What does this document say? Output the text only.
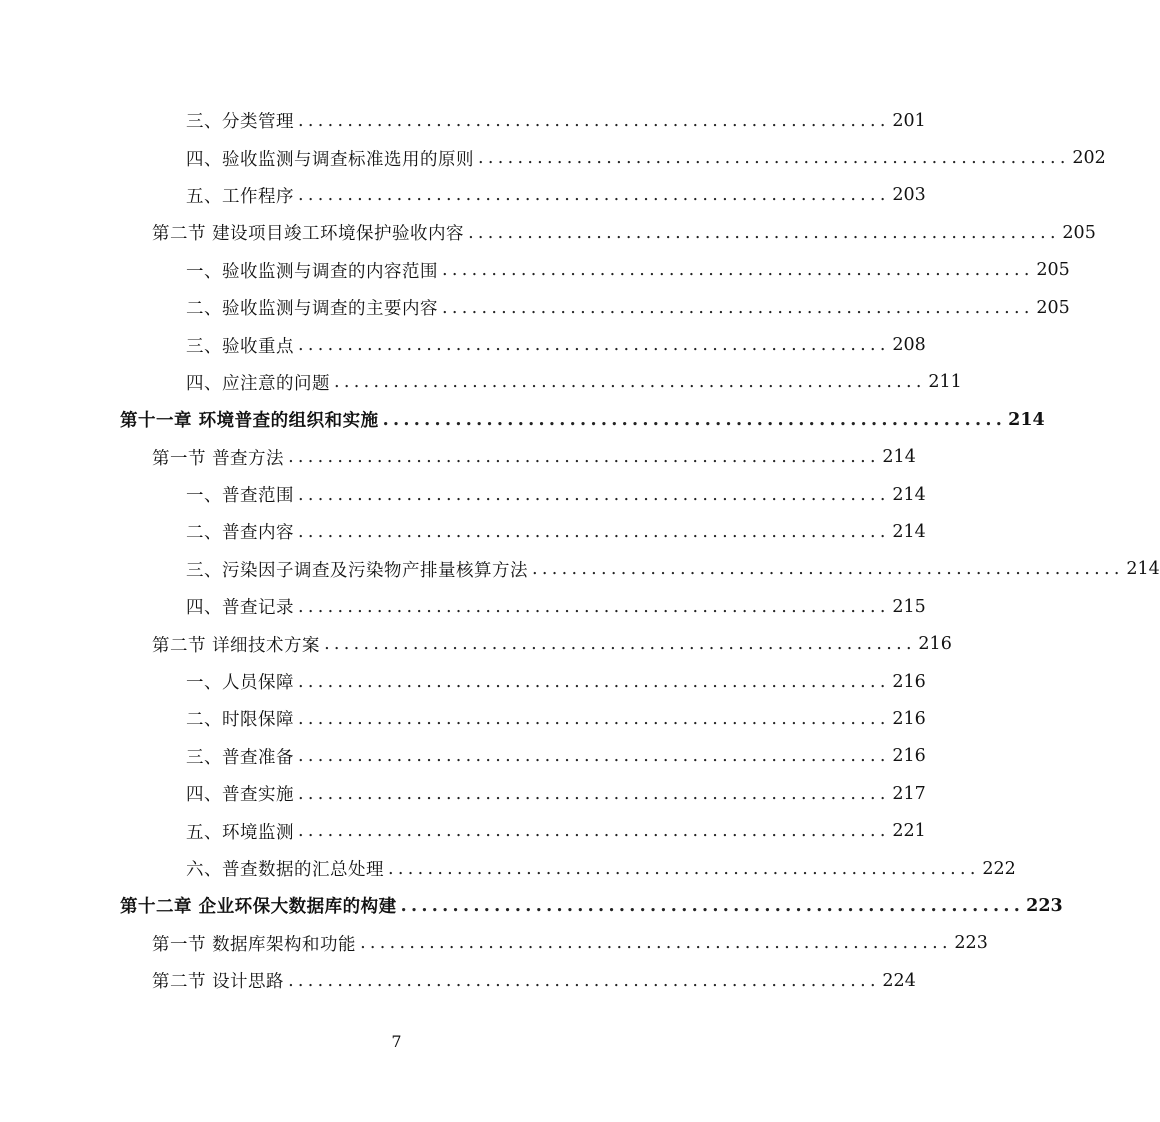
三、分类管理 ............................................................ 201
四、验收监测与调查标准选用的原则 ............................................................ 202
五、工作程序 ............................................................ 203
第二节 建设项目竣工环境保护验收内容 ............................................................ 205
一、验收监测与调查的内容范围 ............................................................ 205
二、验收监测与调查的主要内容 ............................................................ 205
三、验收重点 ............................................................ 208
四、应注意的问题 ............................................................ 211
第十一章 环境普查的组织和实施 ............................................................ 214
第一节 普查方法 ............................................................ 214
一、普查范围 ............................................................ 214
二、普查内容 ............................................................ 214
三、污染因子调查及污染物产排量核算方法 ............................................................ 214
四、普查记录 ............................................................ 215
第二节 详细技术方案 ............................................................ 216
一、人员保障 ............................................................ 216
二、时限保障 ............................................................ 216
三、普查准备 ............................................................ 216
四、普查实施 ............................................................ 217
五、环境监测 ............................................................ 221
六、普查数据的汇总处理 ............................................................ 222
第十二章 企业环保大数据库的构建 ............................................................ 223
第一节 数据库架构和功能 ............................................................ 223
第二节 设计思路 ............................................................ 224
7
